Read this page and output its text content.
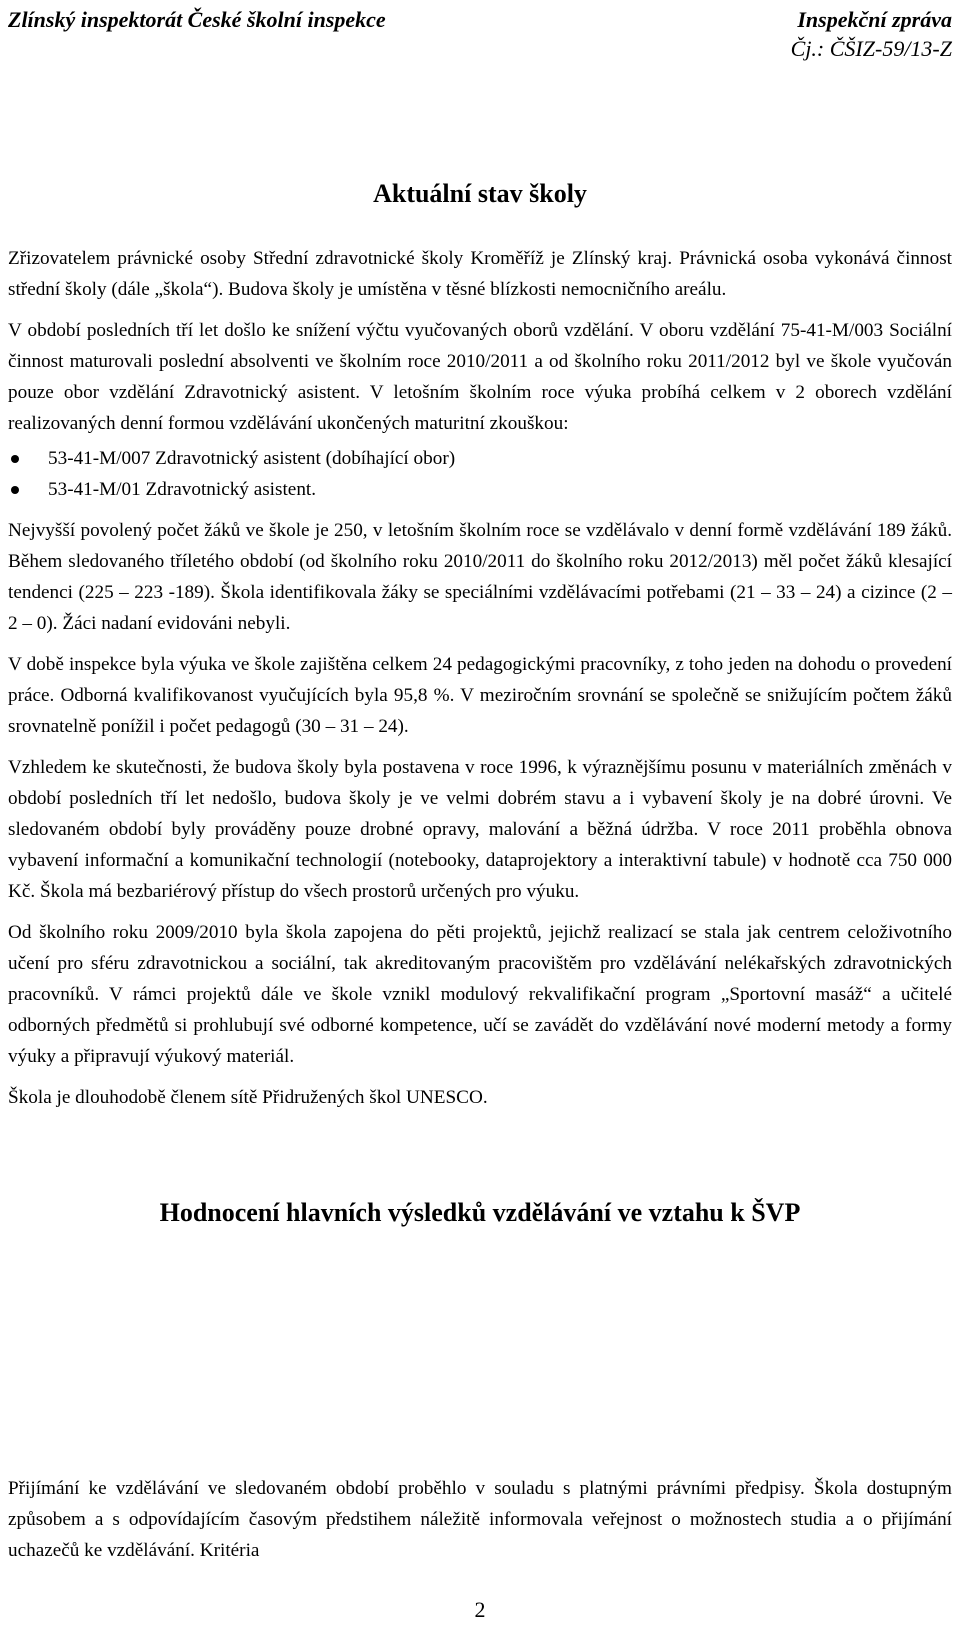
Zlínský inspektorát České školní inspekce	Inspekční zpráva
Čj.: ČŠIZ-59/13-Z
Aktuální stav školy

Zřizovatelem právnické osoby Střední zdravotnické školy Kroměříž je Zlínský kraj. Právnická osoba vykonává činnost střední školy (dále „škola“). Budova školy je umístěna v těsné blízkosti nemocničního areálu.

V období posledních tří let došlo ke snížení výčtu vyučovaných oborů vzdělání. V oboru vzdělání 75-41-M/003 Sociální činnost maturovali poslední absolventi ve školním roce 2010/2011 a od školního roku 2011/2012 byl ve škole vyučován pouze obor vzdělání Zdravotnický asistent. V letošním školním roce výuka probíhá celkem v 2 oborech vzdělání realizovaných denní formou vzdělávání ukončených maturitní zkouškou:

53-41-M/007 Zdravotnický asistent (dobíhající obor)
53-41-M/01 Zdravotnický asistent.

Nejvyšší povolený počet žáků ve škole je 250, v letošním školním roce se vzdělávalo v denní formě vzdělávání 189 žáků. Během sledovaného tříletého období (od školního roku 2010/2011 do školního roku 2012/2013) měl počet žáků klesající tendenci (225 – 223 -189). Škola identifikovala žáky se speciálními vzdělávacími potřebami (21 – 33 – 24) a cizince (2 – 2 – 0). Žáci nadaní evidováni nebyli.

V době inspekce byla výuka ve škole zajištěna celkem 24 pedagogickými pracovníky, z toho jeden na dohodu o provedení práce. Odborná kvalifikovanost vyučujících byla 95,8 %. V meziročním srovnání se společně se snižujícím počtem žáků srovnatelně ponížil i počet pedagogů (30 – 31 – 24).

Vzhledem ke skutečnosti, že budova školy byla postavena v roce 1996, k výraznějšímu posunu v materiálních změnách v období posledních tří let nedošlo, budova školy je ve velmi dobrém stavu a i vybavení školy je na dobré úrovni. Ve sledovaném období byly prováděny pouze drobné opravy, malování a běžná údržba. V roce 2011 proběhla obnova vybavení informační a komunikační technologií (notebooky, dataprojektory a interaktivní tabule) v hodnotě cca 750 000 Kč. Škola má bezbariérový přístup do všech prostorů určených pro výuku.

Od školního roku 2009/2010 byla škola zapojena do pěti projektů, jejichž realizací se stala jak centrem celoživotního učení pro sféru zdravotnickou a sociální, tak akreditovaným pracovištěm pro vzdělávání nelékařských zdravotnických pracovníků. V rámci projektů dále ve škole vznikl modulový rekvalifikační program „Sportovní masáž“ a učitelé odborných předmětů si prohlubují své odborné kompetence, učí se zavádět do vzdělávání nové moderní metody a formy výuky a připravují výukový materiál.

Škola je dlouhodobě členem sítě Přidružených škol UNESCO.

Hodnocení hlavních výsledků vzdělávání ve vztahu k ŠVP

Přijímání ke vzdělávání ve sledovaném období proběhlo v souladu s platnými právními předpisy. Škola dostupným způsobem a s odpovídajícím časovým předstihem náležitě informovala veřejnost o možnostech studia a o přijímání uchazečů ke vzdělávání. Kritéria

2
